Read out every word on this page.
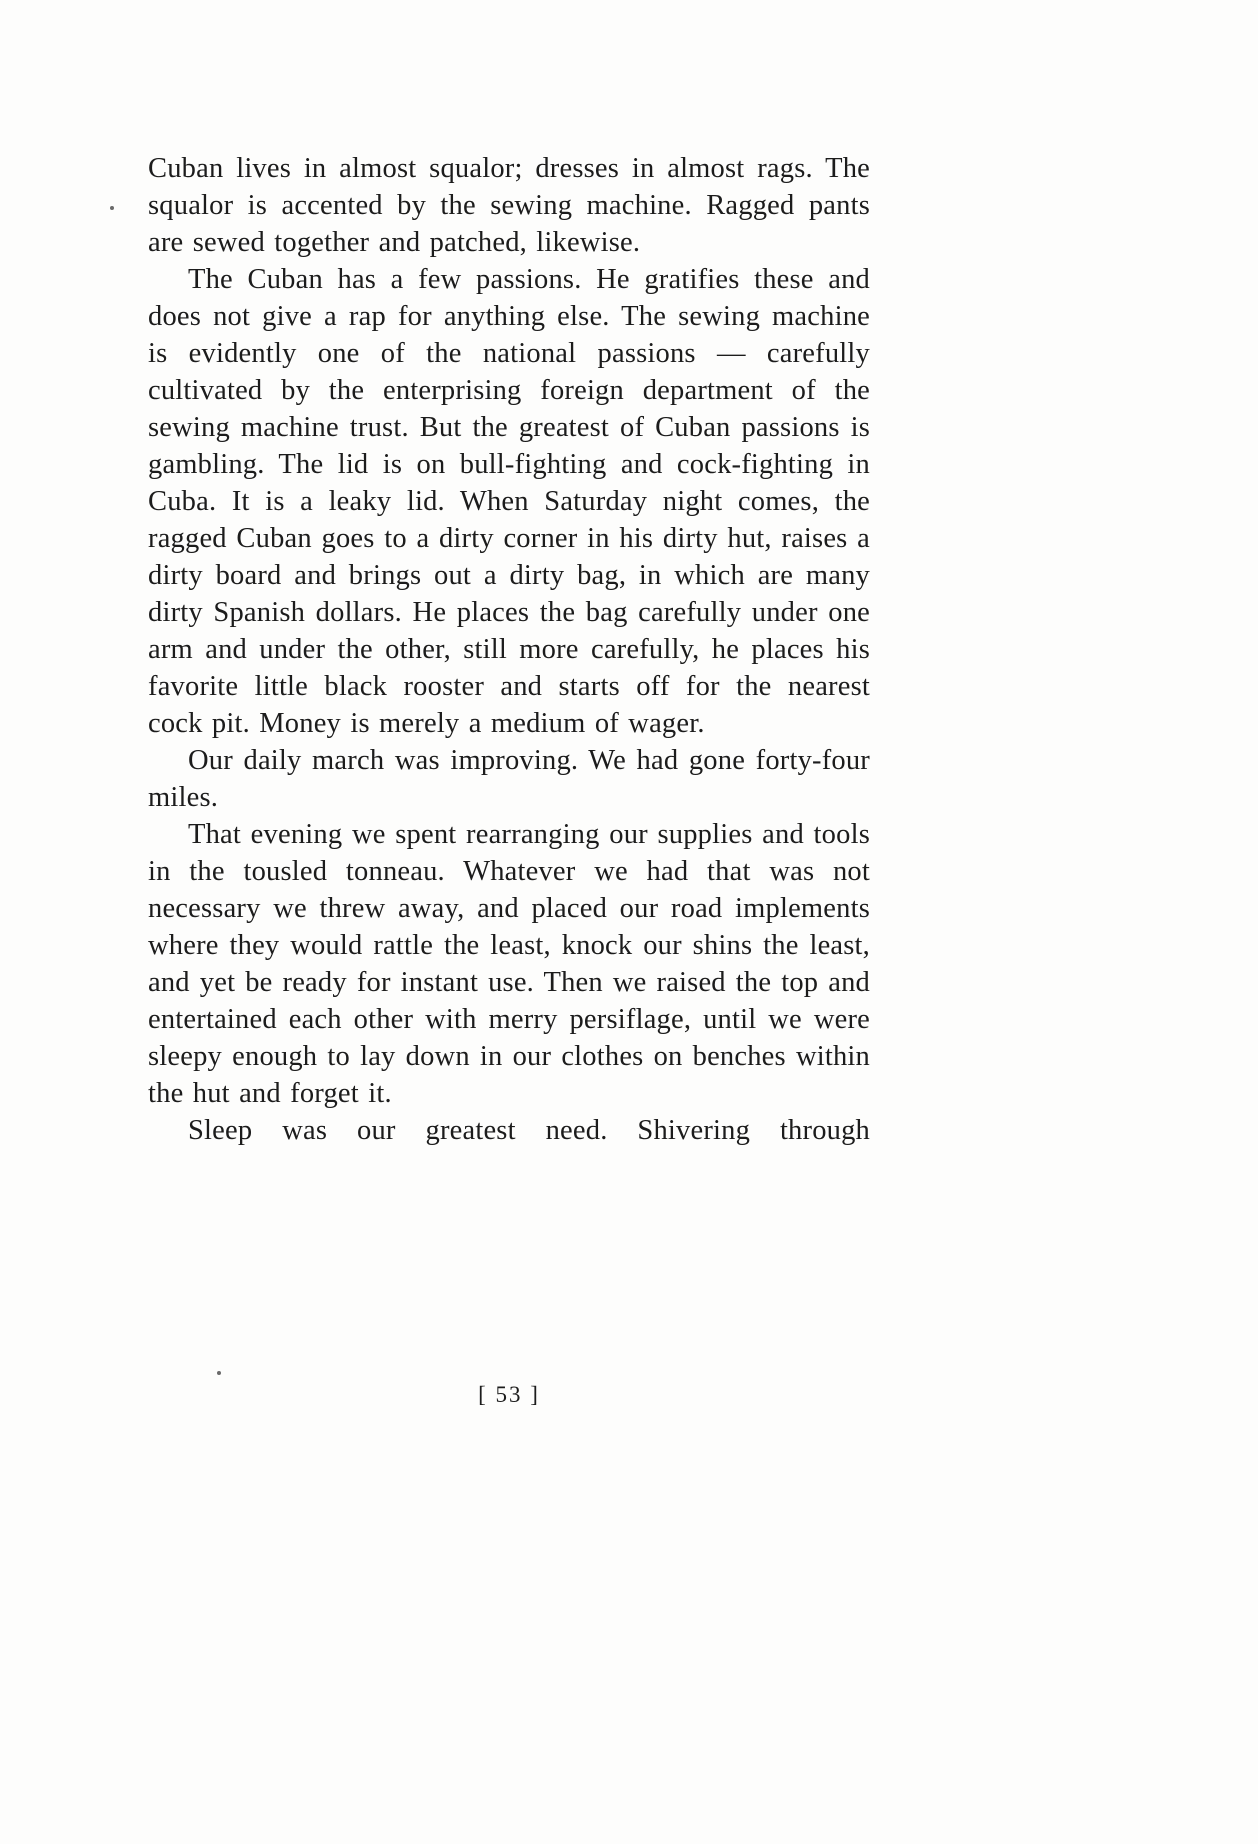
Cuban lives in almost squalor; dresses in almost rags. The squalor is accented by the sewing machine. Ragged pants are sewed together and patched, likewise.

The Cuban has a few passions. He gratifies these and does not give a rap for anything else. The sewing machine is evidently one of the national passions — carefully cultivated by the enterprising foreign department of the sewing machine trust. But the greatest of Cuban passions is gambling. The lid is on bull-fighting and cock-fighting in Cuba. It is a leaky lid. When Saturday night comes, the ragged Cuban goes to a dirty corner in his dirty hut, raises a dirty board and brings out a dirty bag, in which are many dirty Spanish dollars. He places the bag carefully under one arm and under the other, still more carefully, he places his favorite little black rooster and starts off for the nearest cock pit. Money is merely a medium of wager.

Our daily march was improving. We had gone forty-four miles.

That evening we spent rearranging our supplies and tools in the tousled tonneau. Whatever we had that was not necessary we threw away, and placed our road implements where they would rattle the least, knock our shins the least, and yet be ready for instant use. Then we raised the top and entertained each other with merry persiflage, until we were sleepy enough to lay down in our clothes on benches within the hut and forget it.

Sleep was our greatest need. Shivering through

[ 53 ]
